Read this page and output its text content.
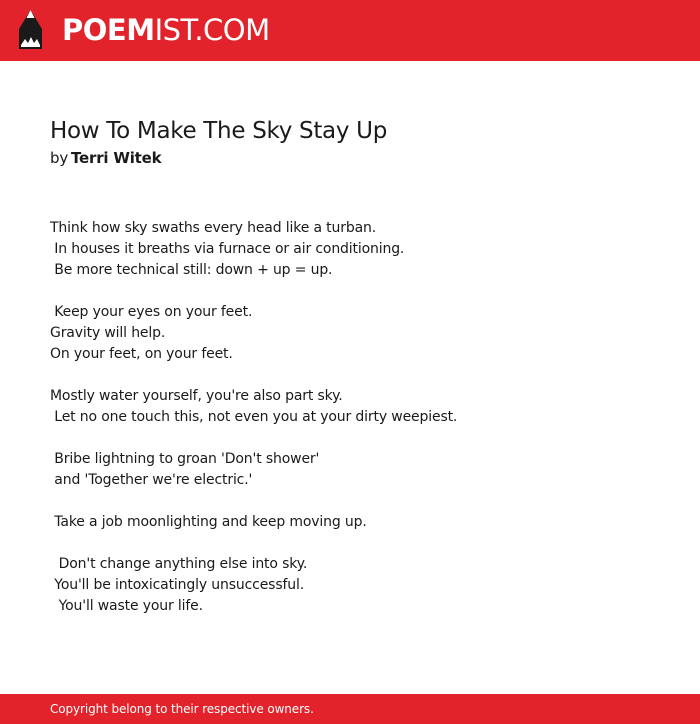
POEMIST.COM
How To Make The Sky Stay Up
by Terri Witek
Think how sky swaths every head like a turban.
In houses it breaths via furnace or air conditioning.
Be more technical still: down + up = up.
Keep your eyes on your feet.
Gravity will help.
On your feet, on your feet.
Mostly water yourself, you're also part sky.
Let no one touch this, not even you at your dirty weepiest.
Bribe lightning to groan 'Don't shower'
and 'Together we're electric.'
Take a job moonlighting and keep moving up.
Don't change anything else into sky.
You'll be intoxicatingly unsuccessful.
You'll waste your life.
Copyright belong to their respective owners.
